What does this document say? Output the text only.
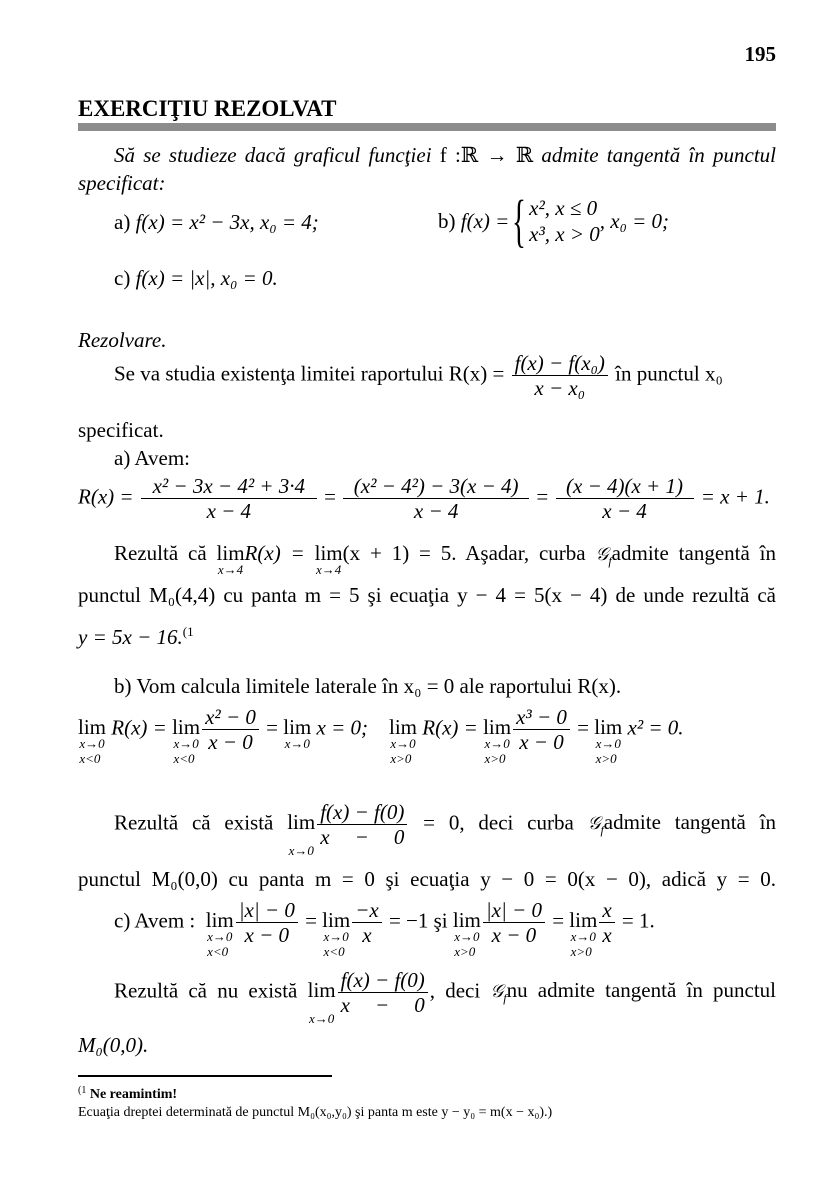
195
EXERCIŢIU REZOLVAT
Să se studieze dacă graficul funcţiei f :ℝ → ℝ admite tangentă în punctul
specificat:
a) f(x) = x² − 3x, x₀ = 4;	b)
f(x) = { x², x ≤ 0
x³, x > 0
, x₀ = 0;
c) f(x) = |x|, x₀ = 0.
Rezolvare.
Se va studia existenţa limitei raportului $R(x) = \frac{\text{f(x) − f(x₀)}}{\text{x − x₀}}$ în punctul x₀
specificat.
a) Avem:
$R(x) = \frac{\text{x² − 3x − 4² + 3·4}}{x - 4} = \frac{\text{(x² − 4²) − 3(x − 4)}}{x - 4} = \frac{(x - 4)(x + 1)}{x - 4} = x + 1$.
Rezultă că lim
x→4
R(x) = lim
x→4
(x + 1) = 5. Aşadar, curba 𝒢$_f$admite tangentă în
punctul M₀(4,4) cu panta m = 5 şi ecuaţia y − 4 = 5(x − 4) de unde rezultă că
y = 5x − 16.$^{(1}$
b) Vom calcula limitele laterale în x₀ = 0 ale raportului R(x).
lim
x→0
x<0
R(x) = lim
x→0
x<0
$\frac{\text{x² − 0}}{x - 0} = \lim$
x→0
x = 0; lim
x→0
x>0
R(x) = lim
x→0
x>0
$\frac{\text{x³ − 0}}{x - 0} = \lim$
x→0
x>0
x² = 0.
Rezultă că există lim
x→0
$\frac{f(x) - f(0)}{x - 0} = 0$, deci curba 𝒢$_f$admite tangentă în
punctul M₀(0,0) cu panta m = 0 şi ecuaţia y − 0 = 0(x − 0), adică y = 0.
c) Avem : lim
x→0
x<0
$\frac{|x| - 0}{x - 0} = \lim$
x→0
x<0
$\frac{-x}{x} = -1$ şi lim
x→0
x>0
$\frac{|x| - 0}{x - 0} = \lim$
x→0
x>0
$\frac{x}{x} = 1$.
Rezultă că nu există lim
x→0
$\frac{f(x) - f(0)}{x - 0}$ , deci 𝒢$_f$nu admite tangentă în punctul
M₀(0,0).
$^{(1}$ Ne reamintim!
Ecuaţia dreptei determinată de punctul M₀(x₀,y₀) şi panta m este y − y₀ = m(x − x₀).)
